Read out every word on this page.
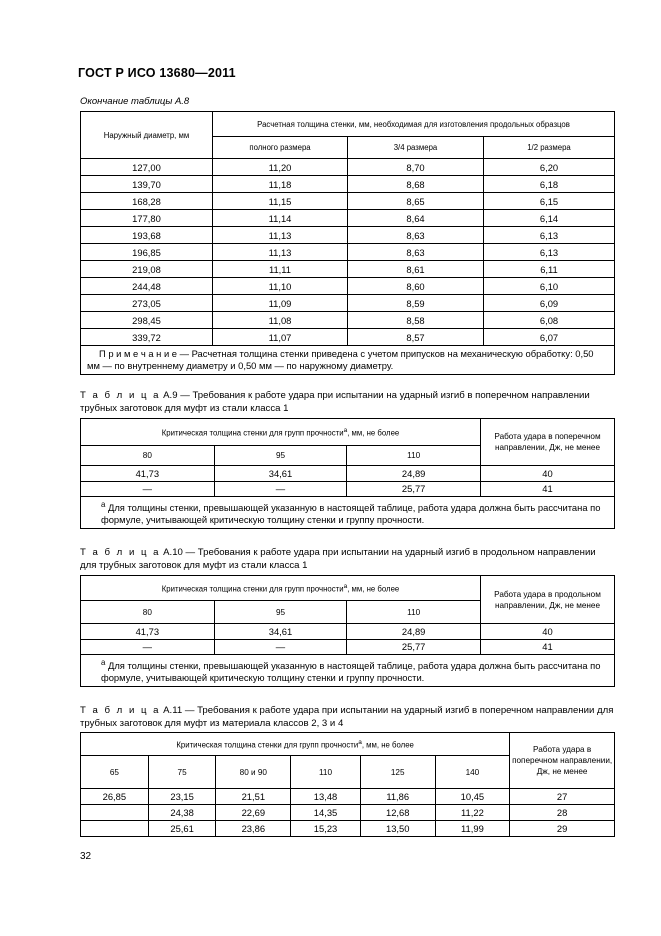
ГОСТ Р ИСО 13680—2011
Окончание таблицы А.8
Наружный диаметр, мм	Расчетная толщина стенки, мм, необходимая для изготовления продольных образцов		
	полного размера	3/4 размера	1/2 размера
127,00	11,20	8,70	6,20
139,70	11,18	8,68	6,18
168,28	11,15	8,65	6,15
177,80	11,14	8,64	6,14
193,68	11,13	8,63	6,13
196,85	11,13	8,63	6,13
219,08	11,11	8,61	6,11
244,48	11,10	8,60	6,10
273,05	11,09	8,59	6,09
298,45	11,08	8,58	6,08
339,72	11,07	8,57	6,07
П р и м е ч а н и е — Расчетная толщина стенки приведена с учетом припусков на механическую обработку: 0,50 мм — по внутреннему диаметру и 0,50 мм — по наружному диаметру.			
Т а б л и ц а А.9 — Требования к работе удара при испытании на ударный изгиб в поперечном направлении трубных заготовок для муфт из стали класса 1
Критическая толщина стенки для групп прочности$^а$, мм, не более			Работа удара в поперечном направлении, Дж, не менее
80	95	110	
41,73	34,61	24,89	40
—	—	25,77	41
$^а$ Для толщины стенки, превышающей указанную в настоящей таблице, работа удара должна быть рассчитана по формуле, учитывающей критическую толщину стенки и группу прочности.			
Т а б л и ц а А.10 — Требования к работе удара при испытании на ударный изгиб в продольном направлении для трубных заготовок для муфт из стали класса 1
Критическая толщина стенки для групп прочности$^а$, мм, не более			Работа удара в продольном направлении, Дж, не менее
80	95	110	
41,73	34,61	24,89	40
—	—	25,77	41
$^а$ Для толщины стенки, превышающей указанную в настоящей таблице, работа удара должна быть рассчитана по формуле, учитывающей критическую толщину стенки и группу прочности.			
Т а б л и ц а А.11 — Требования к работе удара при испытании на ударный изгиб в поперечном направлении для трубных заготовок для муфт из материала классов 2, 3 и 4
Критическая толщина стенки для групп прочности$^а$, мм, не более						Работа удара в поперечном направлении, Дж, не менее
65	75	80 и 90	110	125	140	
26,85	23,15	21,51	13,48	11,86	10,45	27
	24,38	22,69	14,35	12,68	11,22	28
	25,61	23,86	15,23	13,50	11,99	29
32
